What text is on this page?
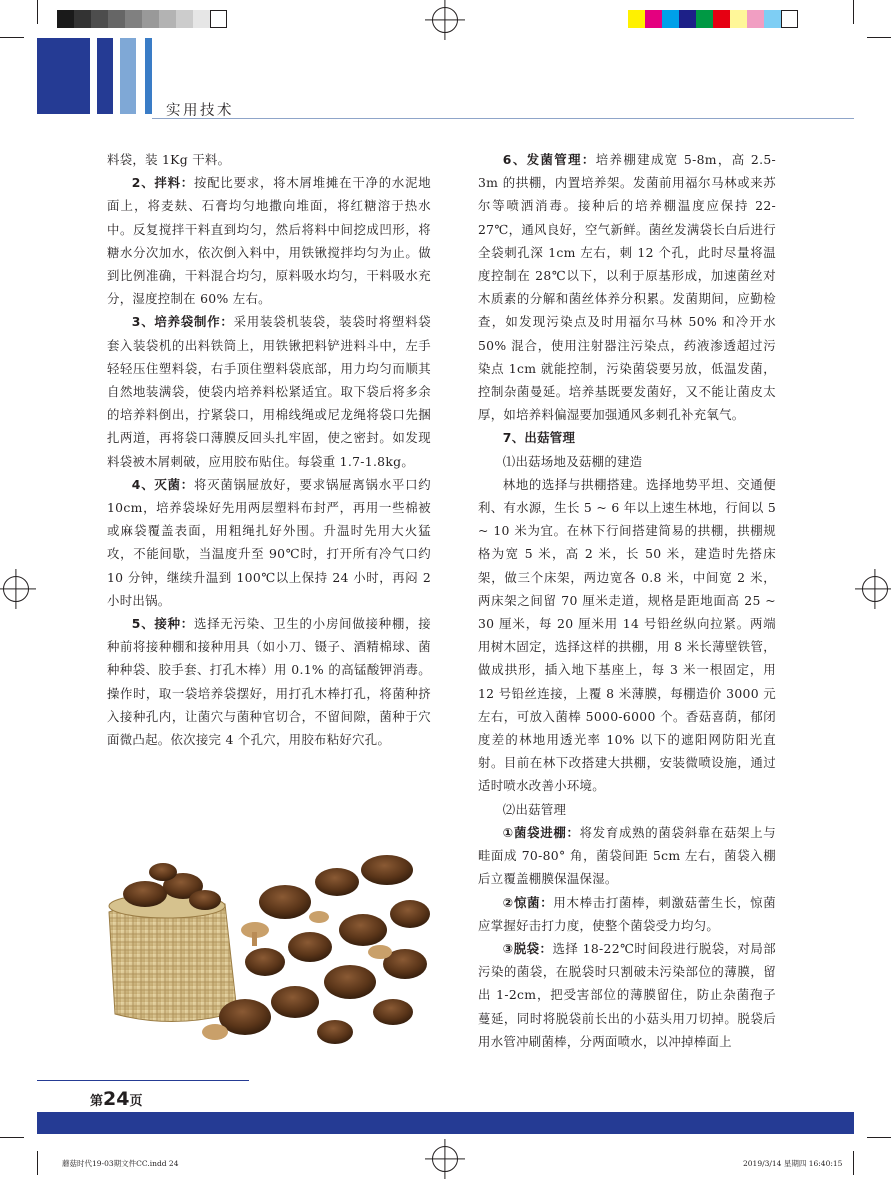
实用技术

料袋，装 1Kg 干料。

2、拌料：按配比要求，将木屑堆摊在干净的水泥地面上，将麦麸、石膏均匀地撒向堆面，将红糖溶于热水中。反复搅拌干料直到均匀，然后将料中间挖成凹形，将糖水分次加水，依次倒入料中，用铁锹搅拌均匀为止。做到比例准确，干料混合均匀，原料吸水均匀，干料吸水充分，湿度控制在 60% 左右。

3、培养袋制作：采用装袋机装袋，装袋时将塑料袋套入装袋机的出料铁筒上，用铁锹把料铲进料斗中，左手轻轻压住塑料袋，右手顶住塑料袋底部，用力均匀而顺其自然地装满袋，使袋内培养料松紧适宜。取下袋后将多余的培养料倒出，拧紧袋口，用棉线绳或尼龙绳将袋口先捆扎两道，再将袋口薄膜反回头扎牢固，使之密封。如发现料袋被木屑刺破，应用胶布贴住。每袋重 1.7-1.8kg。

4、灭菌：将灭菌锅屉放好，要求锅屉离锅水平口约 10cm，培养袋垛好先用两层塑料布封严，再用一些棉被或麻袋覆盖表面，用粗绳扎好外围。升温时先用大火猛攻，不能间歇，当温度升至 90℃时，打开所有冷气口约 10 分钟，继续升温到 100℃以上保持 24 小时，再闷 2 小时出锅。

5、接种：选择无污染、卫生的小房间做接种棚，接种前将接种棚和接种用具（如小刀、镊子、酒精棉球、菌种种袋、胶手套、打孔木棒）用 0.1% 的高锰酸钾消毒。操作时，取一袋培养袋摆好，用打孔木棒打孔，将菌种挤入接种孔内，让菌穴与菌种官切合，不留间隙，菌种于穴面微凸起。依次接完 4 个孔穴，用胶布粘好穴孔。

6、发菌管理：培养棚建成宽 5-8m，高 2.5-3m 的拱棚，内置培养架。发菌前用福尔马林或来苏尔等喷洒消毒。接种后的培养棚温度应保持 22-27℃，通风良好，空气新鲜。菌丝发满袋长白后进行全袋刺孔深 1cm 左右，刺 12 个孔，此时尽量将温度控制在 28℃以下，以利于原基形成，加速菌丝对木质素的分解和菌丝体养分积累。发菌期间，应勤检查，如发现污染点及时用福尔马林 50% 和冷开水 50% 混合，使用注射器注污染点，药液渗透超过污染点 1cm 就能控制，污染菌袋要另放，低温发菌，控制杂菌曼延。培养基既要发菌好，又不能让菌皮太厚，如培养料偏湿要加强通风多刺孔补充氧气。

7、出菇管理

⑴出菇场地及菇棚的建造

林地的选择与拱棚搭建。选择地势平坦、交通便利、有水源，生长 5 ~ 6 年以上速生林地，行间以 5 ~ 10 米为宜。在林下行间搭建简易的拱棚，拱棚规格为宽 5 米，高 2 米，长 50 米，建造时先搭床架，做三个床架，两边宽各 0.8 米，中间宽 2 米，两床架之间留 70 厘米走道，规格是距地面高 25 ~ 30 厘米，每 20 厘米用 14 号铅丝纵向拉紧。两端用树木固定，选择这样的拱棚，用 8 米长薄壁铁管，做成拱形，插入地下基座上，每 3 米一根固定，用 12 号铅丝连接，上覆 8 米薄膜，每棚造价 3000 元左右，可放入菌棒 5000-6000 个。香菇喜荫，郁闭度差的林地用透光率 10% 以下的遮阳网防阳光直射。目前在林下改搭建大拱棚，安装微喷设施，通过适时喷水改善小环境。

⑵出菇管理

①菌袋进棚：将发育成熟的菌袋斜靠在菇架上与畦面成 70-80° 角，菌袋间距 5cm 左右，菌袋入棚后立覆盖棚膜保温保湿。

②惊菌：用木棒击打菌棒，刺激菇蕾生长，惊菌应掌握好击打力度，使整个菌袋受力均匀。

③脱袋：选择 18-22℃时间段进行脱袋，对局部污染的菌袋，在脱袋时只割破未污染部位的薄膜，留出 1-2cm，把受害部位的薄膜留住，防止杂菌孢子蔓延，同时将脱袋前长出的小菇头用刀切掉。脱袋后用水管冲刷菌棒，分两面喷水，以冲掉棒面上

第24页
蘑菇时代19-03期文件CC.indd 24	2019/3/14 星期四 16:40:15
